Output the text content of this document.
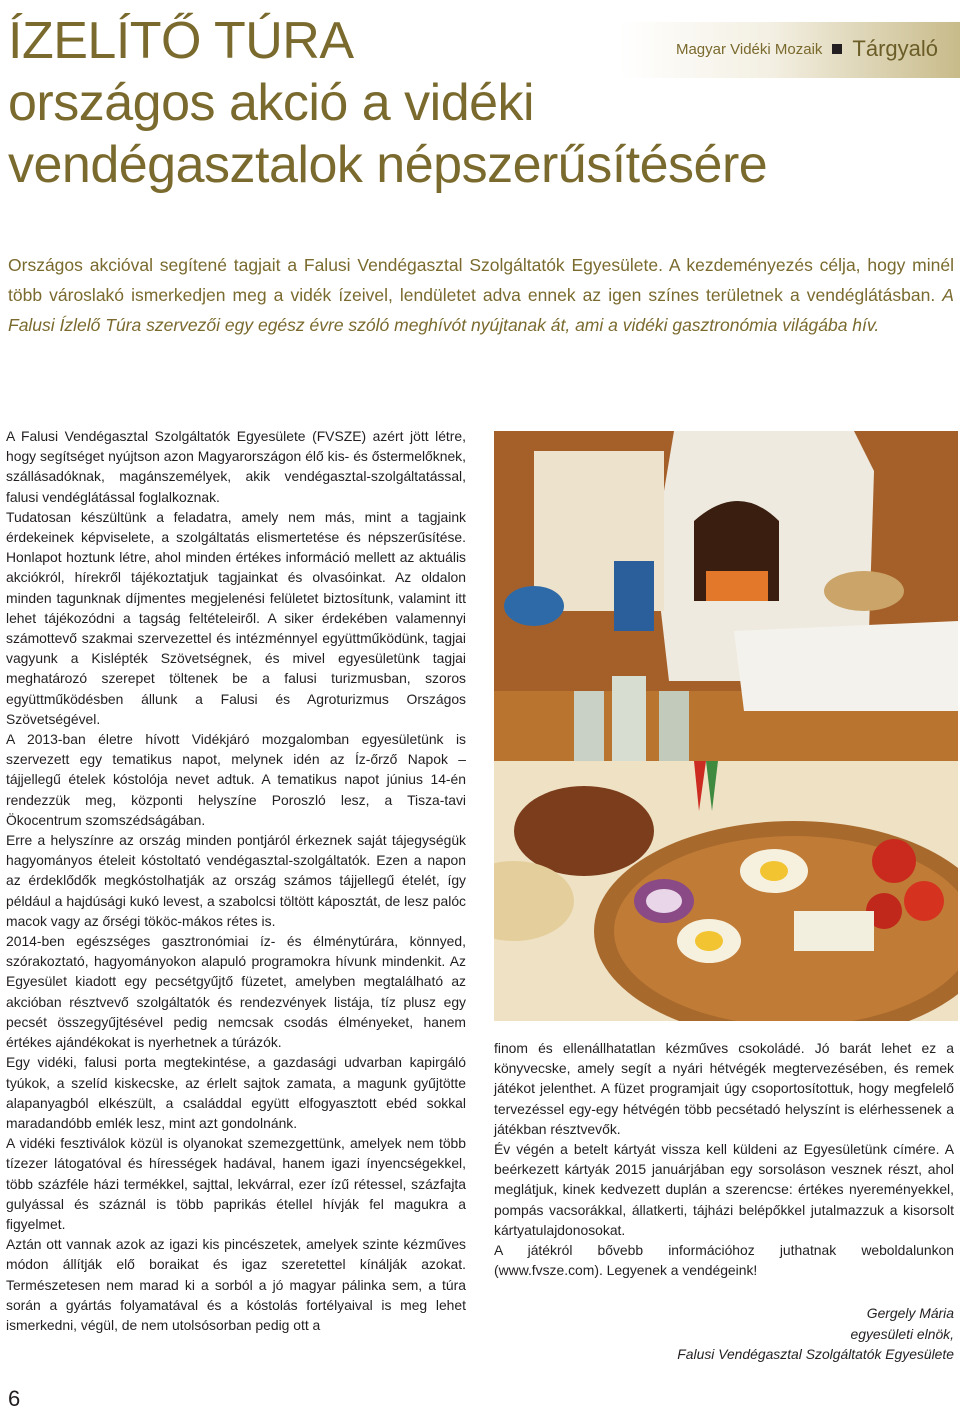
Magyar Vidéki Mozaik Tárgyaló
ÍZELÍTŐ TÚRA
országos akció a vidéki
vendégasztalok népszerűsítésére
Országos akcióval segítené tagjait a Falusi Vendégasztal Szolgáltatók Egyesülete. A kezdeményezés célja, hogy minél több városlakó ismerkedjen meg a vidék ízeivel, lendületet adva ennek az igen színes területnek a vendéglátásban. A Falusi Ízlelő Túra szervezői egy egész évre szóló meghívót nyújtanak át, ami a vidéki gasztronómia világába hív.

A Falusi Vendégasztal Szolgáltatók Egyesülete (FVSZE) azért jött létre, hogy segítséget nyújtson azon Magyarországon élő kis- és őstermelőknek, szállásadóknak, magánszemélyek, akik vendégasztal-szolgáltatással, falusi vendéglátással foglalkoznak.

Tudatosan készültünk a feladatra, amely nem más, mint a tagjaink érdekeinek képviselete, a szolgáltatás elismertetése és népszerűsítése. Honlapot hoztunk létre, ahol minden értékes információ mellett az aktuális akciókról, hírekről tájékoztatjuk tagjainkat és olvasóinkat. Az oldalon minden tagunknak díjmentes megjelenési felületet biztosítunk, valamint itt lehet tájékozódni a tagság feltételeiről. A siker érdekében valamennyi számottevő szakmai szervezettel és intézménnyel együttműködünk, tagjai vagyunk a Kislépték Szövetségnek, és mivel egyesületünk tagjai meghatározó szerepet töltenek be a falusi turizmusban, szoros együttműködésben állunk a Falusi és Agroturizmus Országos Szövetségével.

A 2013-ban életre hívott Vidékjáró mozgalomban egyesületünk is szervezett egy tematikus napot, melynek idén az Íz-őrző Napok – tájjellegű ételek kóstolója nevet adtuk. A tematikus napot június 14-én rendezzük meg, központi helyszíne Poroszló lesz, a Tisza-tavi Ökocentrum szomszédságában.

Erre a helyszínre az ország minden pontjáról érkeznek saját tájegységük hagyományos ételeit kóstoltató vendégasztal-szolgáltatók. Ezen a napon az érdeklődők megkóstolhatják az ország számos tájjellegű ételét, így például a hajdúsági kukó levest, a szabolcsi töltött káposztát, de lesz palóc macok vagy az őrségi tököс-mákos rétes is.

2014-ben egészséges gasztronómiai íz- és élménytúrára, könnyed, szórakoztató, hagyományokon alapuló programokra hívunk mindenkit. Az Egyesület kiadott egy pecsétgyűjtő füzetet, amelyben megtalálható az akcióban résztvevő szolgáltatók és rendezvények listája, tíz plusz egy pecsét összegyűjtésével pedig nemcsak csodás élményeket, hanem értékes ajándékokat is nyerhetnek a túrázók.

Egy vidéki, falusi porta megtekintése, a gazdasági udvarban kapirgáló tyúkok, a szelíd kiskecske, az érlelt sajtok zamata, a magunk gyűjtötte alapanyagból elkészült, a családdal együtt elfogyasztott ebéd sokkal maradandóbb emlék lesz, mint azt gondolnánk.

A vidéki fesztiválok közül is olyanokat szemezgettünk, amelyek nem több tízezer látogatóval és hírességek hadával, hanem igazi ínyencségekkel, több százféle házi termékkel, sajttal, lekvárral, ezer ízű rétessel, százfajta gulyással és száznál is több paprikás étellel hívják fel magukra a figyelmet.

Aztán ott vannak azok az igazi kis pincészetek, amelyek szinte kézműves módon állítják elő boraikat és igaz szeretettel kínálják azokat. Természetesen nem marad ki a sorból a jó magyar pálinka sem, a túra során a gyártás folyamatával és a kóstolás fortélyaival is meg lehet ismerkedni, végül, de nem utolsósorban pedig ott a

finom és ellenállhatatlan kézműves csokoládé. Jó barát lehet ez a könyvecske, amely segít a nyári hétvégék megtervezésében, és remek játékot jelenthet. A füzet programjait úgy csoportosítottuk, hogy megfelelő tervezéssel egy-egy hétvégén több pecsétadó helyszínt is elérhessenek a játékban résztvevők.

Év végén a betelt kártyát vissza kell küldeni az Egyesületünk címére. A beérkezett kártyák 2015 januárjában egy sorsoláson vesznek részt, ahol meglátjuk, kinek kedvezett duplán a szerencse: értékes nyereményekkel, pompás vacsorákkal, állatkerti, tájházi belépőkkel jutalmazzuk a kisorsolt kártyatulajdonosokat.

A játékról bővebb információhoz juthatnak weboldalunkon (www.fvsze.com). Legyenek a vendégeink!

Gergely Mária
egyesületi elnök,
Falusi Vendégasztal Szolgáltatók Egyesülete
6
